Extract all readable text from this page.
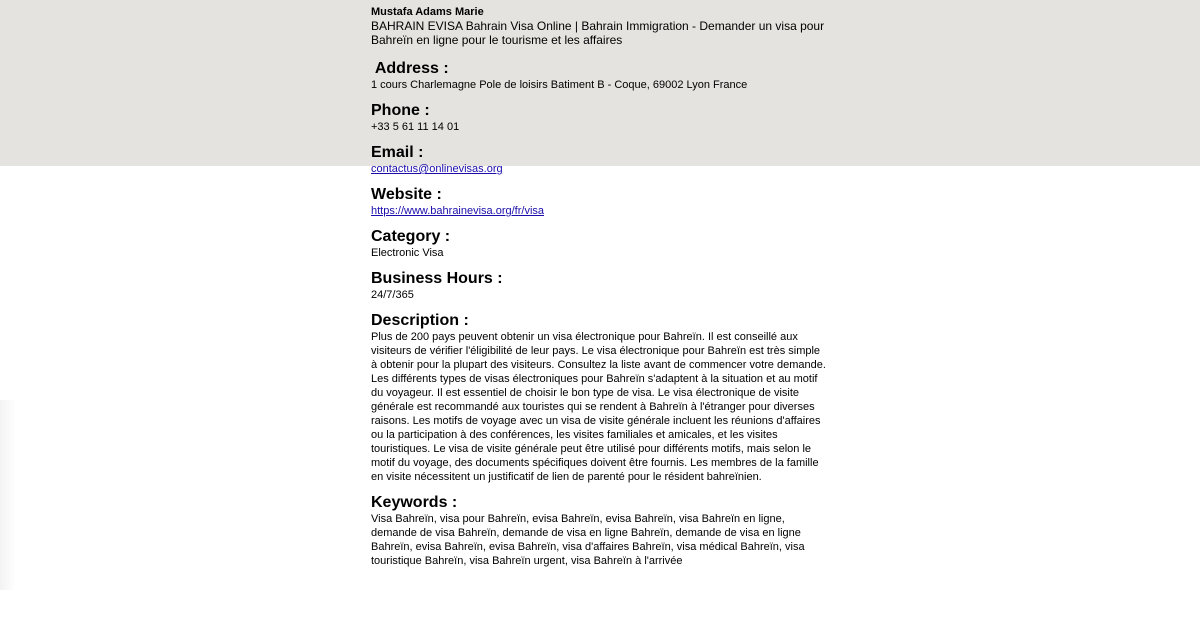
Mustafa Adams Marie

BAHRAIN EVISA Bahrain Visa Online | Bahrain Immigration - Demander un visa pour Bahreïn en ligne pour le tourisme et les affaires

Address :

1 cours Charlemagne Pole de loisirs Batiment B - Coque, 69002 Lyon France

Phone :

+33 5 61 11 14 01

Email :

contactus@onlinevisas.org

Website :

https://www.bahrainevisa.org/fr/visa

Category :

Electronic Visa

Business Hours :

24/7/365

Description :

Plus de 200 pays peuvent obtenir un visa électronique pour Bahreïn. Il est conseillé aux visiteurs de vérifier l'éligibilité de leur pays. Le visa électronique pour Bahreïn est très simple à obtenir pour la plupart des visiteurs. Consultez la liste avant de commencer votre demande. Les différents types de visas électroniques pour Bahreïn s'adaptent à la situation et au motif du voyageur. Il est essentiel de choisir le bon type de visa. Le visa électronique de visite générale est recommandé aux touristes qui se rendent à Bahreïn à l'étranger pour diverses raisons. Les motifs de voyage avec un visa de visite générale incluent les réunions d'affaires ou la participation à des conférences, les visites familiales et amicales, et les visites touristiques. Le visa de visite générale peut être utilisé pour différents motifs, mais selon le motif du voyage, des documents spécifiques doivent être fournis. Les membres de la famille en visite nécessitent un justificatif de lien de parenté pour le résident bahreïnien.

Keywords :

Visa Bahreïn, visa pour Bahreïn, evisa Bahreïn, evisa Bahreïn, visa Bahreïn en ligne, demande de visa Bahreïn, demande de visa en ligne Bahreïn, demande de visa en ligne Bahreïn, evisa Bahreïn, evisa Bahreïn, visa d'affaires Bahreïn, visa médical Bahreïn, visa touristique Bahreïn, visa Bahreïn urgent, visa Bahreïn à l'arrivée
